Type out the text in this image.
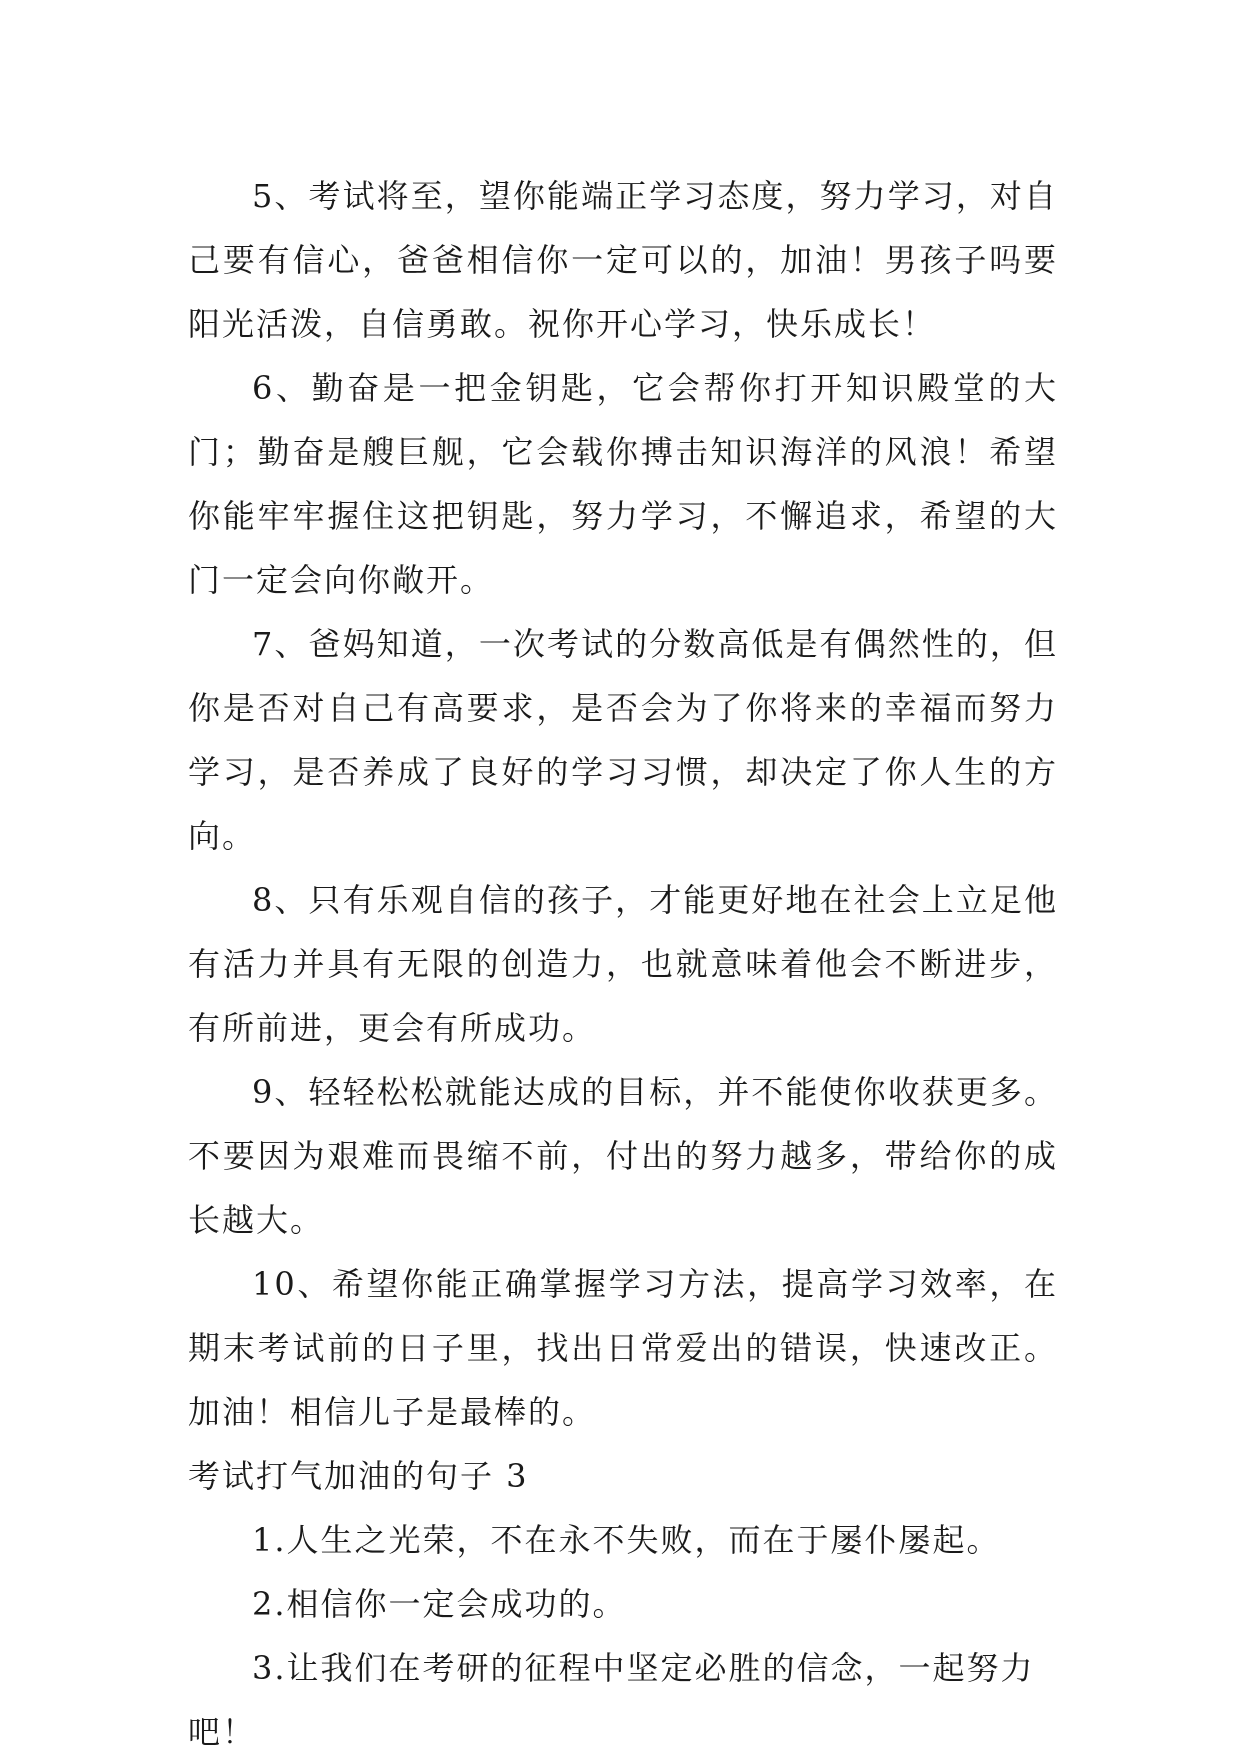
5、考试将至，望你能端正学习态度，努力学习，对自己要有信心，爸爸相信你一定可以的，加油！男孩子吗要阳光活泼，自信勇敢。祝你开心学习，快乐成长！

6、勤奋是一把金钥匙，它会帮你打开知识殿堂的大门；勤奋是艘巨舰，它会载你搏击知识海洋的风浪！希望你能牢牢握住这把钥匙，努力学习，不懈追求，希望的大门一定会向你敞开。

7、爸妈知道，一次考试的分数高低是有偶然性的，但你是否对自己有高要求，是否会为了你将来的幸福而努力学习，是否养成了良好的学习习惯，却决定了你人生的方向。

8、只有乐观自信的孩子，才能更好地在社会上立足他有活力并具有无限的创造力，也就意味着他会不断进步，有所前进，更会有所成功。

9、轻轻松松就能达成的目标，并不能使你收获更多。不要因为艰难而畏缩不前，付出的努力越多，带给你的成长越大。

10、希望你能正确掌握学习方法，提高学习效率，在期末考试前的日子里，找出日常爱出的错误，快速改正。加油！相信儿子是最棒的。

考试打气加油的句子 3

1.人生之光荣，不在永不失败，而在于屡仆屡起。

2.相信你一定会成功的。

3.让我们在考研的征程中坚定必胜的信念，一起努力吧！
